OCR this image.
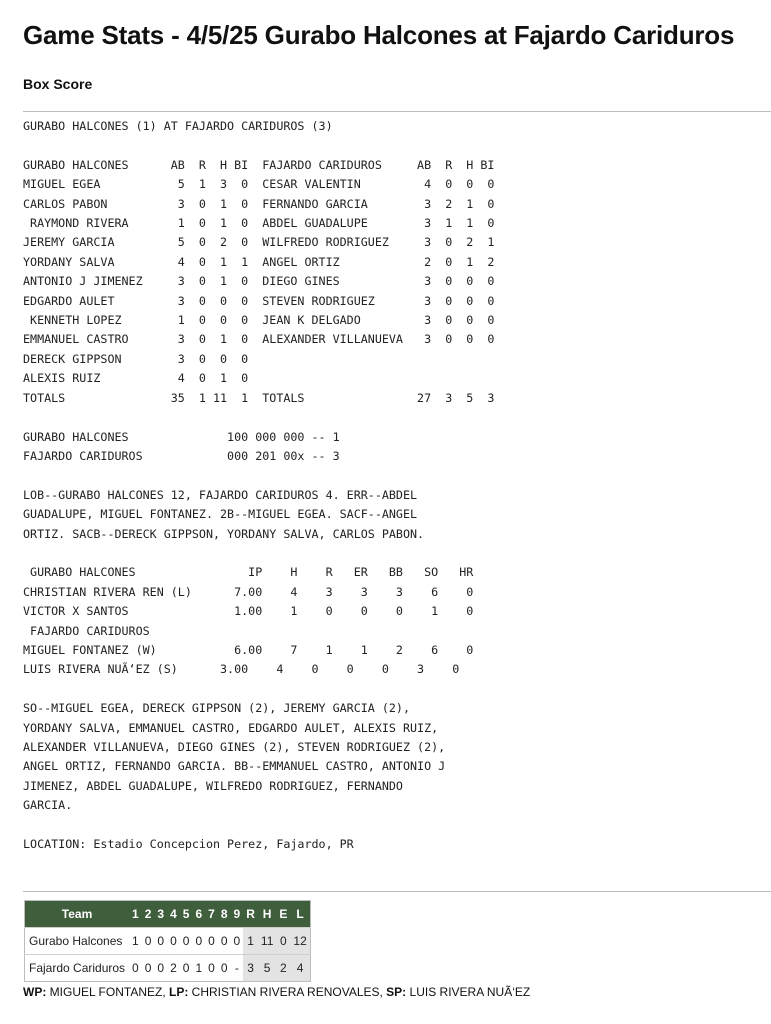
Game Stats - 4/5/25 Gurabo Halcones at Fajardo Cariduros
Box Score
GURABO HALCONES (1) AT FAJARDO CARIDUROS (3)

GURABO HALCONES      AB  R  H BI  FAJARDO CARIDUROS     AB  R  H BI
MIGUEL EGEA           5  1  3  0  CESAR VALENTIN         4  0  0  0
CARLOS PABON          3  0  1  0  FERNANDO GARCIA        3  2  1  0
RAYMOND RIVERA       1  0  1  0  ABDEL GUADALUPE        3  1  1  0
JEREMY GARCIA         5  0  2  0  WILFREDO RODRIGUEZ     3  0  2  1
YORDANY SALVA         4  0  1  1  ANGEL ORTIZ            2  0  1  2
ANTONIO J JIMENEZ     3  0  1  0  DIEGO GINES            3  0  0  0
EDGARDO AULET         3  0  0  0  STEVEN RODRIGUEZ       3  0  0  0
KENNETH LOPEZ        1  0  0  0  JEAN K DELGADO         3  0  0  0
EMMANUEL CASTRO       3  0  1  0  ALEXANDER VILLANUEVA   3  0  0  0
DERECK GIPPSON        3  0  0  0
ALEXIS RUIZ           4  0  1  0
TOTALS               35  1 11  1  TOTALS                27  3  5  3

GURABO HALCONES              100 000 000 -- 1
FAJARDO CARIDUROS            000 201 00x -- 3

LOB--GURABO HALCONES 12, FAJARDO CARIDUROS 4. ERR--ABDEL
GUADALUPE, MIGUEL FONTANEZ. 2B--MIGUEL EGEA. SACF--ANGEL
ORTIZ. SACB--DERECK GIPPSON, YORDANY SALVA, CARLOS PABON.

GURABO HALCONES                IP    H    R   ER   BB   SO   HR
CHRISTIAN RIVERA REN (L)      7.00    4    3    3    3    6    0
VICTOR X SANTOS               1.00    1    0    0    0    1    0
FAJARDO CARIDUROS
MIGUEL FONTANEZ (W)           6.00    7    1    1    2    6    0
LUIS RIVERA NUÃ‘EZ (S)      3.00    4    0    0    0    3    0

SO--MIGUEL EGEA, DERECK GIPPSON (2), JEREMY GARCIA (2),
YORDANY SALVA, EMMANUEL CASTRO, EDGARDO AULET, ALEXIS RUIZ,
ALEXANDER VILLANUEVA, DIEGO GINES (2), STEVEN RODRIGUEZ (2),
ANGEL ORTIZ, FERNANDO GARCIA. BB--EMMANUEL CASTRO, ANTONIO J
JIMENEZ, ABDEL GUADALUPE, WILFREDO RODRIGUEZ, FERNANDO
GARCIA.

LOCATION: Estadio Concepcion Perez, Fajardo, PR
Team	1	2	3	4	5	6	7	8	9	R	H	E	L
Gurabo Halcones	1	0	0	0	0	0	0	0	0	1	11	0	12
Fajardo Cariduros	0	0	0	2	0	1	0	0	-	3	5	2	4
WP: MIGUEL FONTANEZ, LP: CHRISTIAN RIVERA RENOVALES, SP: LUIS RIVERA NUÃ‘EZ
